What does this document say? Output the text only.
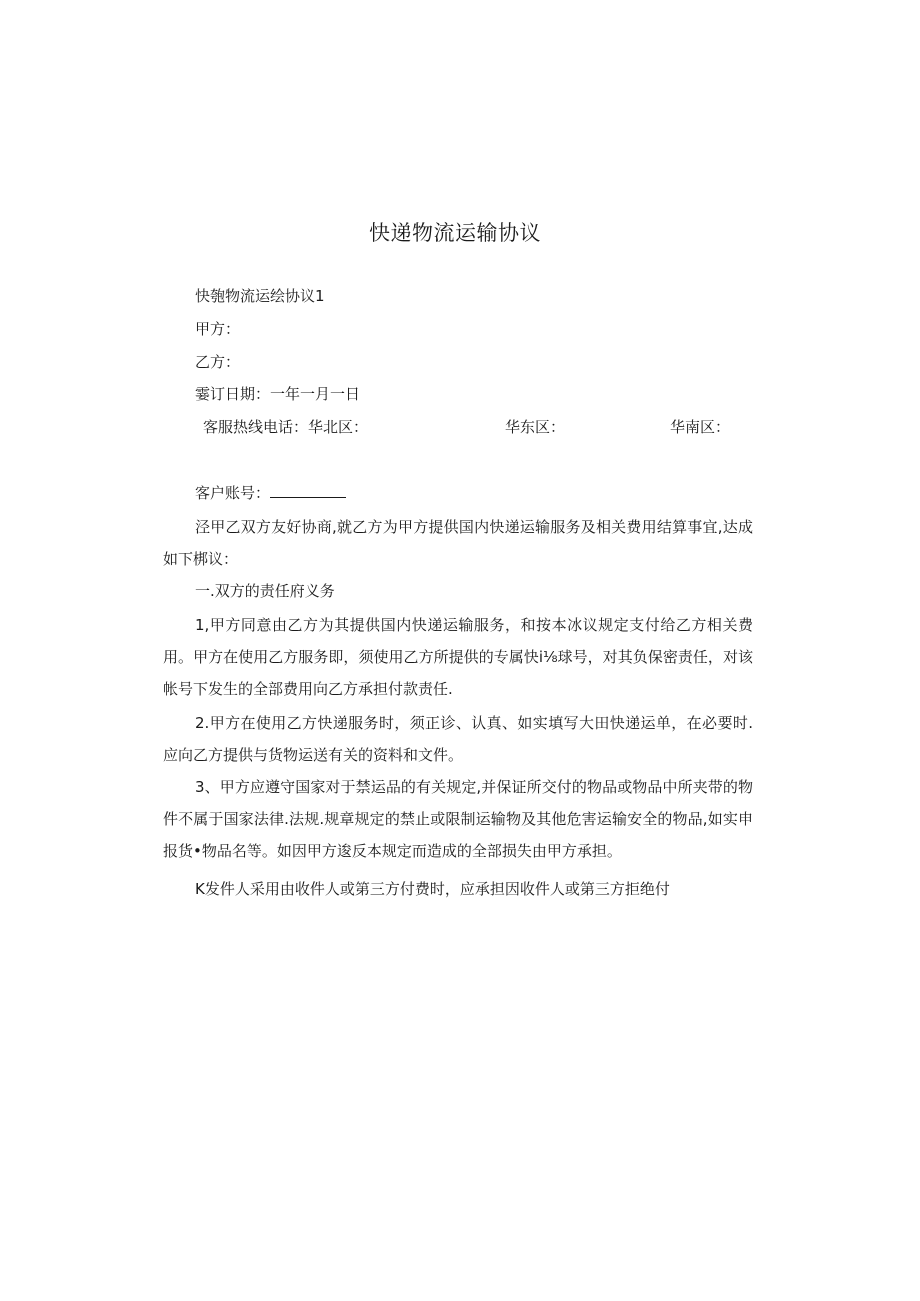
快递物流运输协议
快匏物流运绘协议1
甲方：
乙方：
霎订日期：一年一月一日
客服热线电话：华北区：	华东区：	华南区：
客户账号：
泾甲乙双方友好协商,就乙方为甲方提供国内快递运输服务及相关费用结算事宜,达成如下梆议：
一.双方的责任府义务
1,甲方同意由乙方为其提供国内快递运输服务，和按本冰议规定支付给乙方相关费用。甲方在使用乙方服务即，须使用乙方所提供的专属快i⅛球号，对其负保密责任，对该帐号下发生的全部费用向乙方承担付款责任.
2.甲方在使用乙方快递服务时，须正诊、认真、如实填写大田快递运单，在必要时.应向乙方提供与货物运送有关的资料和文件。
3、甲方应遵守国家对于禁运品的有关规定,并保证所交付的物品或物品中所夹带的物件不属于国家法律.法规.规章规定的禁止或限制运输物及其他危害运输安全的物品,如实申报货•物品名等。如因甲方逡反本规定而造成的全部损失由甲方承担。
K发件人采用由收件人或第三方付费时，应承担因收件人或第三方拒绝付
